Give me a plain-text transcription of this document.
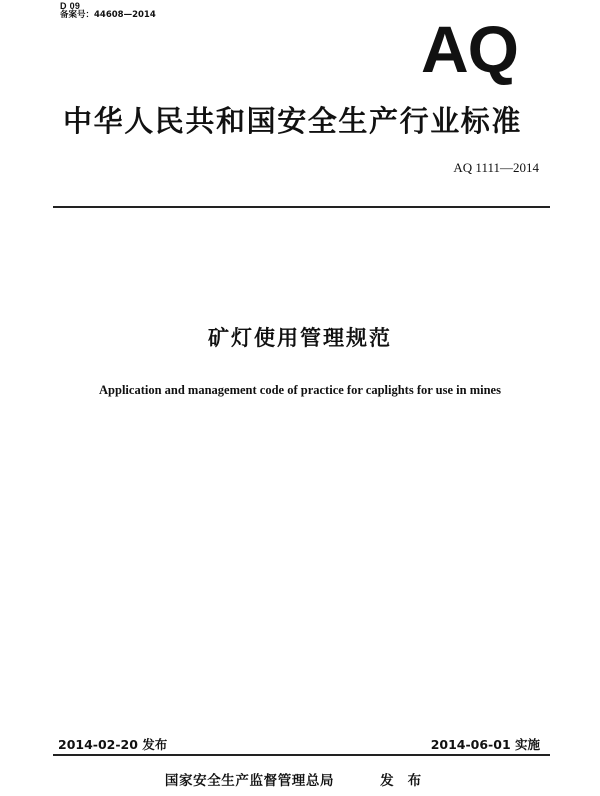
D 09
备案号：44608—2014	AQ
中华人民共和国安全生产行业标准
AQ 1111—2014
矿灯使用管理规范
Application and management code of practice for caplights for use in mines
2014-02-20 发布	2014-06-01 实施
国家安全生产监督管理总局	发布
